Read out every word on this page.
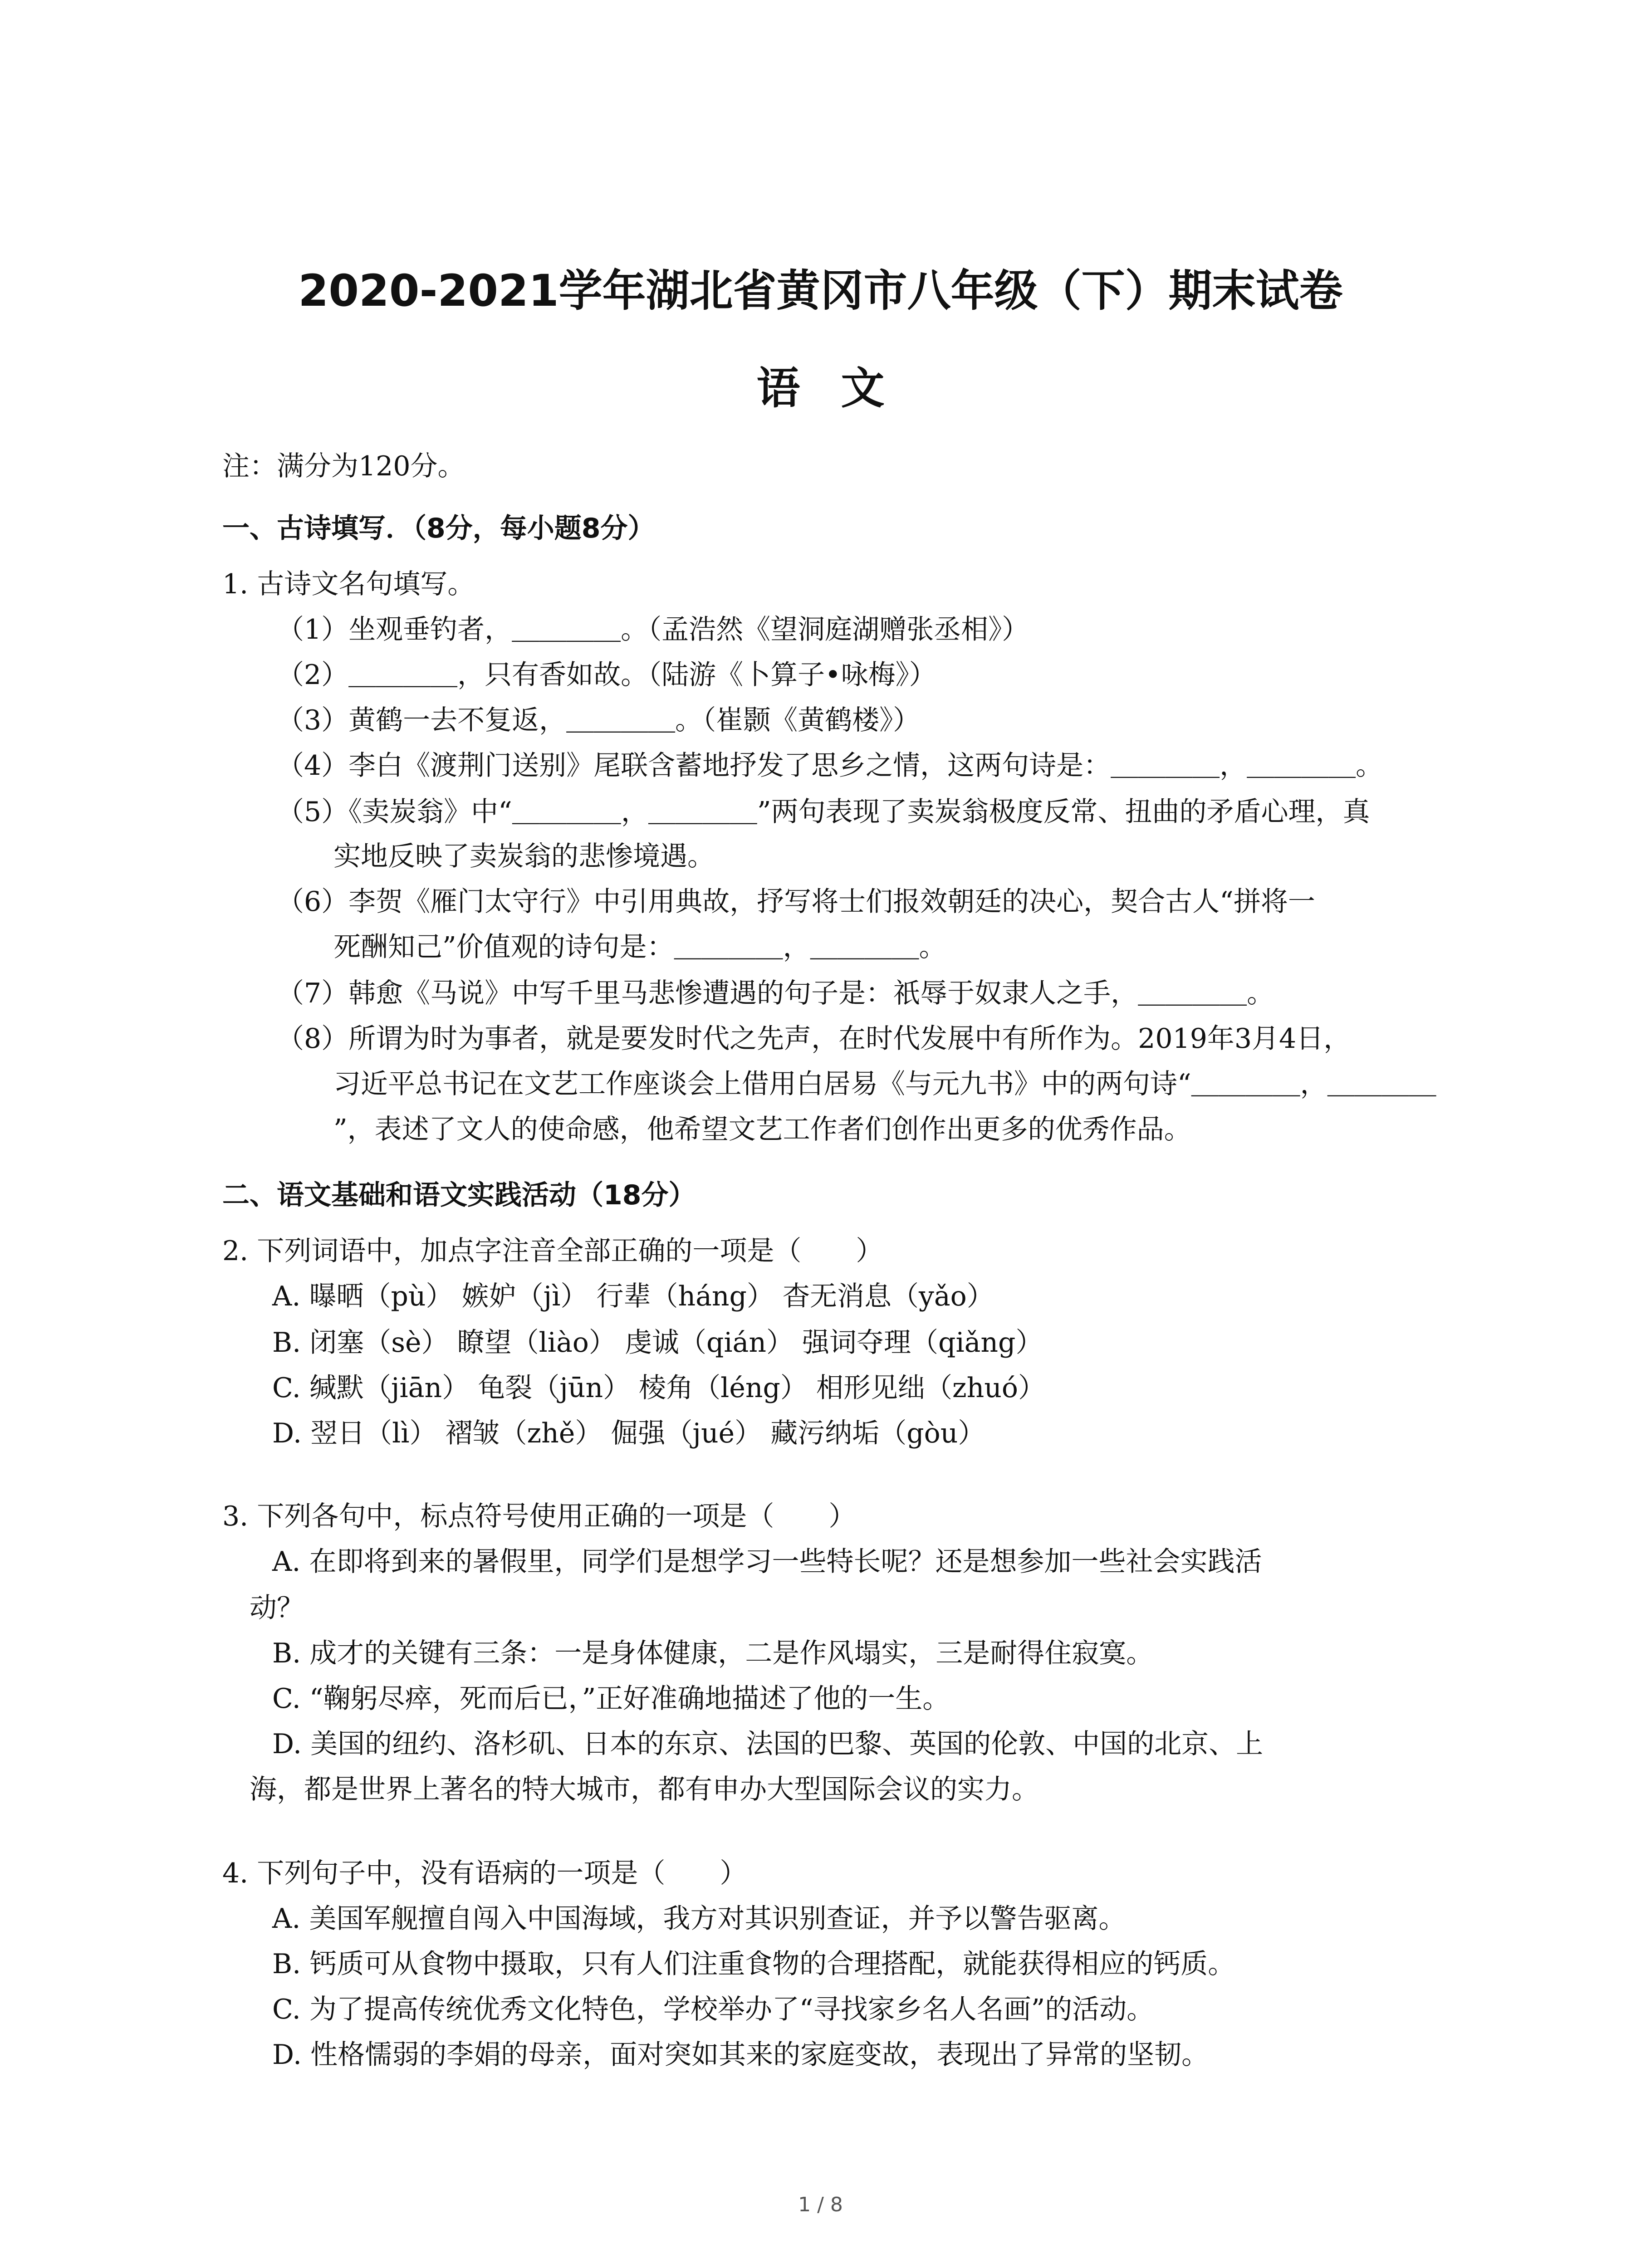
2020-2021学年湖北省黄冈市八年级（下）期末试卷
语文

注：满分为120分。

一、古诗填写．（8分，每小题8分）

1. 古诗文名句填写。

（1）坐观垂钓者，＿＿＿＿。（孟浩然《望洞庭湖赠张丞相》）

（2）＿＿＿＿，只有香如故。（陆游《卜算子•咏梅》）

（3）黄鹤一去不复返，＿＿＿＿。（崔颢《黄鹤楼》）

（4）李白《渡荆门送别》尾联含蓄地抒发了思乡之情，这两句诗是：＿＿＿＿，＿＿＿＿。

（5）《卖炭翁》中“＿＿＿＿，＿＿＿＿”两句表现了卖炭翁极度反常、扭曲的矛盾心理，真

实地反映了卖炭翁的悲惨境遇。

（6）李贺《雁门太守行》中引用典故，抒写将士们报效朝廷的决心，契合古人“拼将一

死酬知己”价值观的诗句是：＿＿＿＿，＿＿＿＿。

（7）韩愈《马说》中写千里马悲惨遭遇的句子是：祇辱于奴隶人之手，＿＿＿＿。

（8）所谓为时为事者，就是要发时代之先声，在时代发展中有所作为。2019年3月4日，

习近平总书记在文艺工作座谈会上借用白居易《与元九书》中的两句诗“＿＿＿＿，＿＿＿＿

”，表述了文人的使命感，他希望文艺工作者们创作出更多的优秀作品。

二、语文基础和语文实践活动（18分）

2. 下列词语中，加点字注音全部正确的一项是（　　）

A. 曝晒（pù） 嫉妒（jì） 行辈（háng） 杳无消息（yǎo）

B. 闭塞（sè） 瞭望（liào） 虔诚（qián） 强词夺理（qiǎng）

C. 缄默（jiān） 龟裂（jūn） 棱角（léng） 相形见绌（zhuó）

D. 翌日（lì） 褶皱（zhě） 倔强（jué） 藏污纳垢（gòu）

3. 下列各句中，标点符号使用正确的一项是（　　）

A. 在即将到来的暑假里，同学们是想学习一些特长呢？还是想参加一些社会实践活

动？

B. 成才的关键有三条：一是身体健康，二是作风塌实，三是耐得住寂寞。

C. “鞠躬尽瘁，死而后已，”正好准确地描述了他的一生。

D. 美国的纽约、洛杉矶、日本的东京、法国的巴黎、英国的伦敦、中国的北京、上

海，都是世界上著名的特大城市，都有申办大型国际会议的实力。

4. 下列句子中，没有语病的一项是（　　）

A. 美国军舰擅自闯入中国海域，我方对其识别查证，并予以警告驱离。

B. 钙质可从食物中摄取，只有人们注重食物的合理搭配，就能获得相应的钙质。

C. 为了提高传统优秀文化特色，学校举办了“寻找家乡名人名画”的活动。

D. 性格懦弱的李娟的母亲，面对突如其来的家庭变故，表现出了异常的坚韧。

1 / 8
